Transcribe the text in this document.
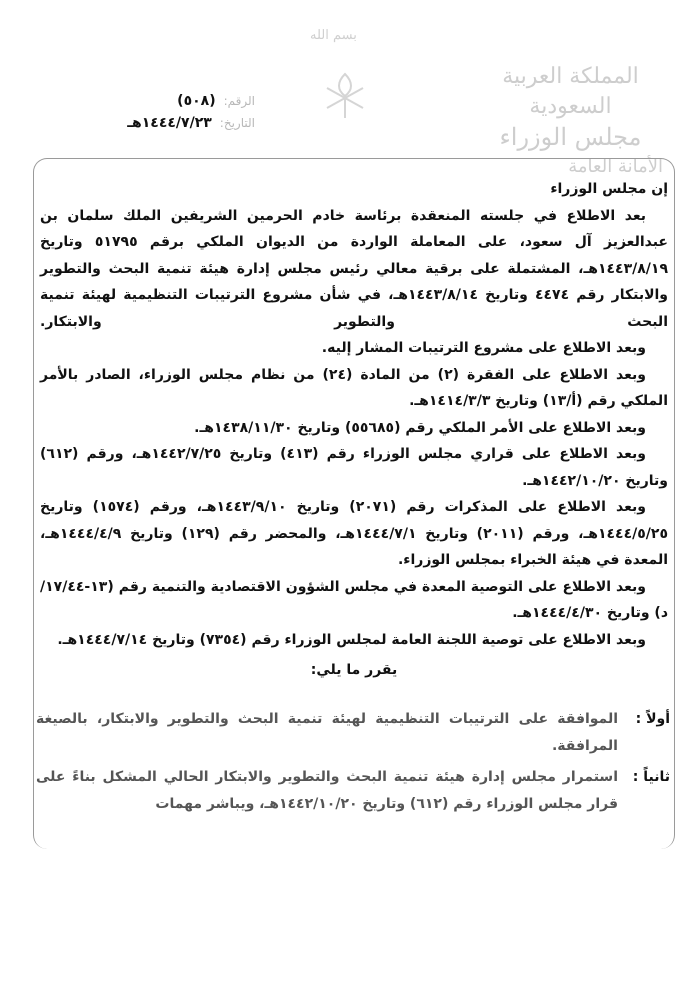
بسم الله
المملكة العربية السعودية
مجلس الوزراء
الأمانة العامة
الرقم:
(٥٠٨)
التاريخ:
١٤٤٤/٧/٢٣هـ

إن مجلس الوزراء

بعد الاطلاع في جلسته المنعقدة برئاسة خادم الحرمين الشريفين الملك سلمان بن عبدالعزيز آل سعود، على المعاملة الواردة من الديوان الملكي برقم ٥١٧٩٥ وتاريخ ١٤٤٣/٨/١٩هـ، المشتملة على برقية معالي رئيس مجلس إدارة هيئة تنمية البحث والتطوير والابتكار رقم ٤٤٧٤ وتاريخ ١٤٤٣/٨/١٤هـ، في شأن مشروع الترتيبات التنظيمية لهيئة تنمية البحث والتطوير والابتكار.

وبعد الاطلاع على مشروع الترتيبات المشار إليه.

وبعد الاطلاع على الفقرة (٢) من المادة (٢٤) من نظام مجلس الوزراء، الصادر بالأمر الملكي رقم (أ/١٣) وتاريخ ١٤١٤/٣/٣هـ.

وبعد الاطلاع على الأمر الملكي رقم (٥٥٦٨٥) وتاريخ ١٤٣٨/١١/٣٠هـ.

وبعد الاطلاع على قراري مجلس الوزراء رقم (٤١٣) وتاريخ ١٤٤٢/٧/٢٥هـ، ورقم (٦١٢) وتاريخ ١٤٤٢/١٠/٢٠هـ.

وبعد الاطلاع على المذكرات رقم (٢٠٧١) وتاريخ ١٤٤٣/٩/١٠هـ، ورقم (١٥٧٤) وتاريخ ١٤٤٤/٥/٢٥هـ، ورقم (٢٠١١) وتاريخ ١٤٤٤/٧/١هـ، والمحضر رقم (١٢٩) وتاريخ ١٤٤٤/٤/٩هـ، المعدة في هيئة الخبراء بمجلس الوزراء.

وبعد الاطلاع على التوصية المعدة في مجلس الشؤون الاقتصادية والتنمية رقم (١٣-١٧/٤٤/د) وتاريخ ١٤٤٤/٤/٣٠هـ.

وبعد الاطلاع على توصية اللجنة العامة لمجلس الوزراء رقم (٧٣٥٤) وتاريخ ١٤٤٤/٧/١٤هـ.

يقرر ما يلي:

أولاً :
الموافقة على الترتيبات التنظيمية لهيئة تنمية البحث والتطوير والابتكار، بالصيغة المرافقة.
ثانياً :
استمرار مجلس إدارة هيئة تنمية البحث والتطوير والابتكار الحالي المشكل بناءً على قرار مجلس الوزراء رقم (٦١٢) وتاريخ ١٤٤٢/١٠/٢٠هـ، ويباشر مهمات
